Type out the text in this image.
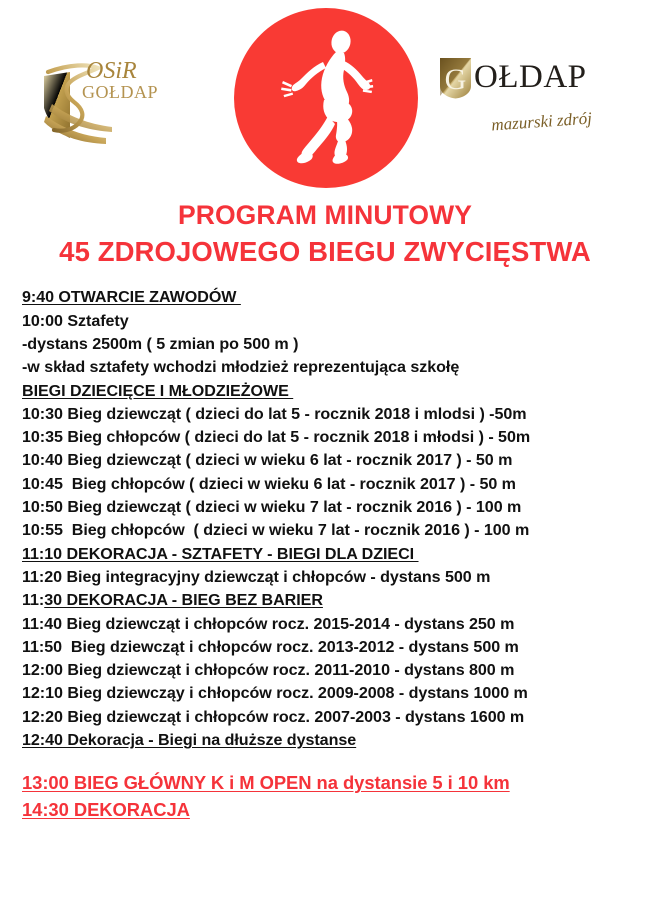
OSiR
GOŁDAP	G OŁDAP
mazurski zdrój
PROGRAM MINUTOWY
45 ZDROJOWEGO BIEGU ZWYCIĘSTWA
9:40 OTWARCIE ZAWODÓW
10:00 Sztafety
-dystans 2500m ( 5 zmian po 500 m )
-w skład sztafety wchodzi młodzież reprezentująca szkołę
BIEGI DZIECIĘCE I MŁODZIEŻOWE
10:30 Bieg dziewcząt ( dzieci do lat 5 - rocznik 2018 i mlodsi ) -50m
10:35 Bieg chłopców ( dzieci do lat 5 - rocznik 2018 i młodsi ) - 50m
10:40 Bieg dziewcząt ( dzieci w wieku 6 lat - rocznik 2017 ) - 50 m
10:45  Bieg chłopców ( dzieci w wieku 6 lat - rocznik 2017 ) - 50 m
10:50 Bieg dziewcząt ( dzieci w wieku 7 lat - rocznik 2016 ) - 100 m
10:55  Bieg chłopców  ( dzieci w wieku 7 lat - rocznik 2016 ) - 100 m
11:10 DEKORACJA - SZTAFETY - BIEGI DLA DZIECI
11:20 Bieg integracyjny dziewcząt i chłopców - dystans 500 m
11:30 DEKORACJA - BIEG BEZ BARIER
11:40 Bieg dziewcząt i chłopców rocz. 2015-2014 - dystans 250 m
11:50  Bieg dziewcząt i chłopców rocz. 2013-2012 - dystans 500 m
12:00 Bieg dziewcząt i chłopców rocz. 2011-2010 - dystans 800 m
12:10 Bieg dziewcząy i chłopców rocz. 2009-2008 - dystans 1000 m
12:20 Bieg dziewcząt i chłopców rocz. 2007-2003 - dystans 1600 m
12:40 Dekoracja - Biegi na dłuższe dystanse
13:00 BIEG GŁÓWNY K i M OPEN na dystansie 5 i 10 km
14:30 DEKORACJA
